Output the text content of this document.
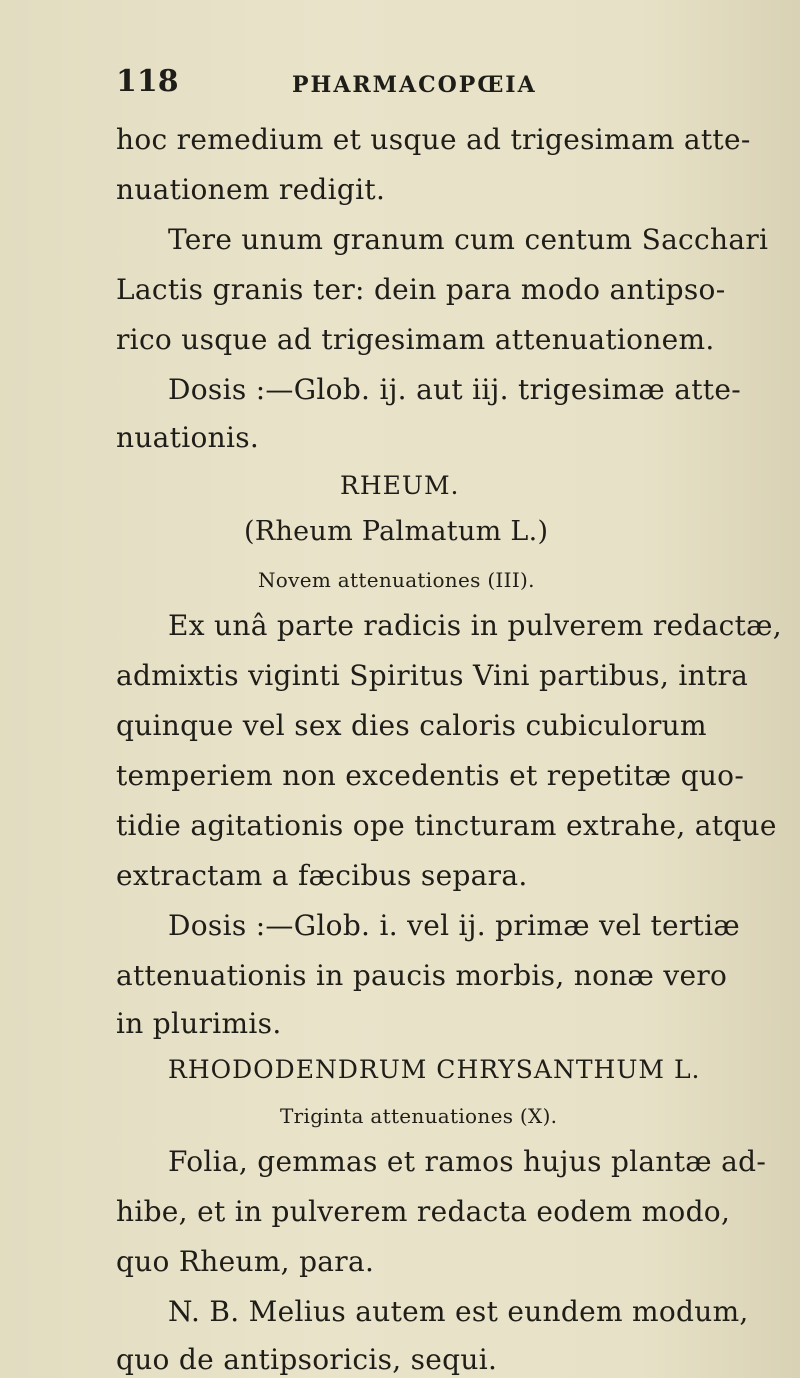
118	PHARMACOPŒIA
hoc remedium et usque ad trigesimam atte-
nuationem redigit.
Tere unum granum cum centum Sacchari
Lactis granis ter: dein para modo antipso-
rico usque ad trigesimam attenuationem.
Dosis :—Glob. ij. aut iij. trigesimæ atte-
nuationis.
RHEUM.
(Rheum Palmatum L.)
Novem attenuationes (III).
Ex unâ parte radicis in pulverem redactæ,
admixtis viginti Spiritus Vini partibus, intra
quinque vel sex dies caloris cubiculorum
temperiem non excedentis et repetitæ quo-
tidie agitationis ope tincturam extrahe, atque
extractam a fæcibus separa.
Dosis :—Glob. i. vel ij. primæ vel tertiæ
attenuationis in paucis morbis, nonæ vero
in plurimis.
RHODODENDRUM CHRYSANTHUM L.
Triginta attenuationes (X).
Folia, gemmas et ramos hujus plantæ ad-
hibe, et in pulverem redacta eodem modo,
quo Rheum, para.
N. B. Melius autem est eundem modum,
quo de antipsoricis, sequi.
